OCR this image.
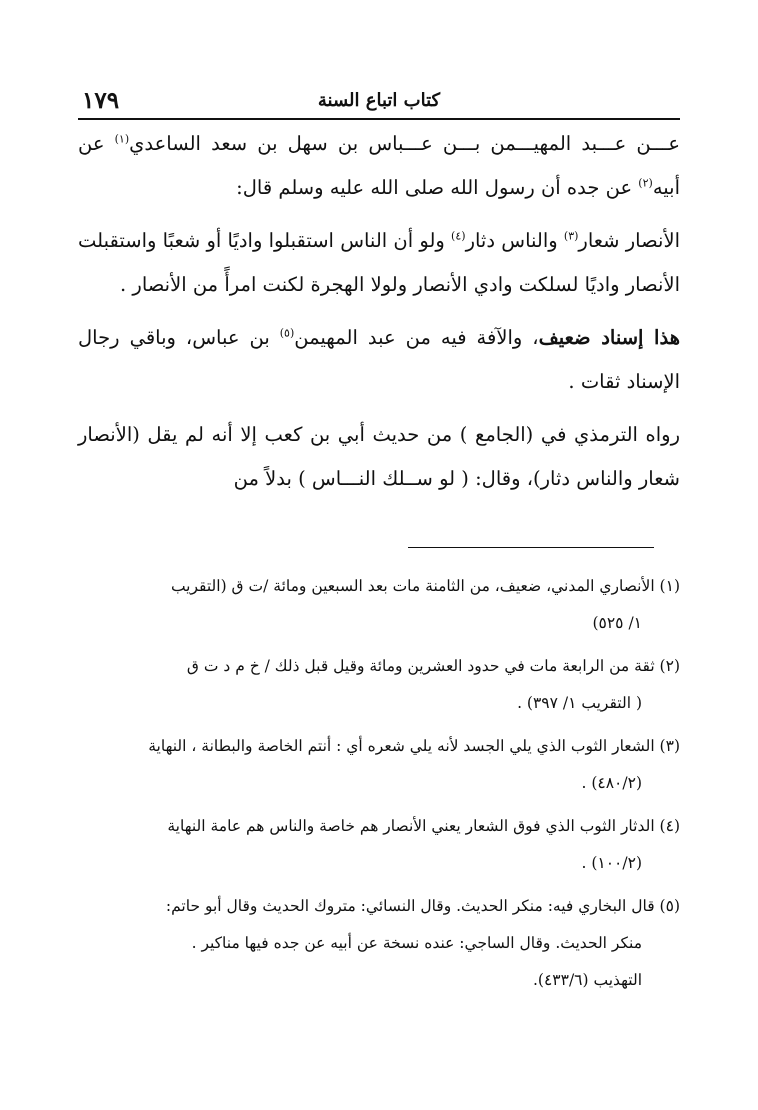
١٧٩	كتاب اتباع السنة

عـــن عـــبد المهيـــمن بـــن عـــباس بن سهل بن سعد الساعدي$^{(١)}$ عن أبيه$^{(٢)}$ عن جده أن رسول الله صلى الله عليه وسلم قال:

الأنصار شعار$^{(٣)}$ والناس دثار$^{(٤)}$ ولو أن الناس استقبلوا واديًا أو شعبًا واستقبلت الأنصار واديًا لسلكت وادي الأنصار ولولا الهجرة لكنت امرأً من الأنصار .

هذا إسناد ضعيف، والآفة فيه من عبد المهيمن$^{(٥)}$ بن عباس، وباقي رجال الإسناد ثقات .

رواه الترمذي في (الجامع ) من حديث أبي بن كعب إلا أنه لم يقل (الأنصار شعار والناس دثار)، وقال: ( لو ســلك النـــاس ) بدلاً من

(١) الأنصاري المدني، ضعيف، من الثامنة مات بعد السبعين ومائة /ت ق (التقريب
١/ ٥٢٥)
(٢) ثقة من الرابعة مات في حدود العشرين ومائة وقيل قبل ذلك / خ م د ت ق
( التقريب ١/ ٣٩٧) .
(٣) الشعار الثوب الذي يلي الجسد لأنه يلي شعره أي : أنتم الخاصة والبطانة ، النهاية
(٤٨٠/٢) .
(٤) الدثار الثوب الذي فوق الشعار يعني الأنصار هم خاصة والناس هم عامة النهاية
(١٠٠/٢) .
(٥) قال البخاري فيه: منكر الحديث. وقال النسائي: متروك الحديث وقال أبو حاتم:
منكر الحديث. وقال الساجي: عنده نسخة عن أبيه عن جده فيها مناكير .
التهذيب (٤٣٣/٦).
